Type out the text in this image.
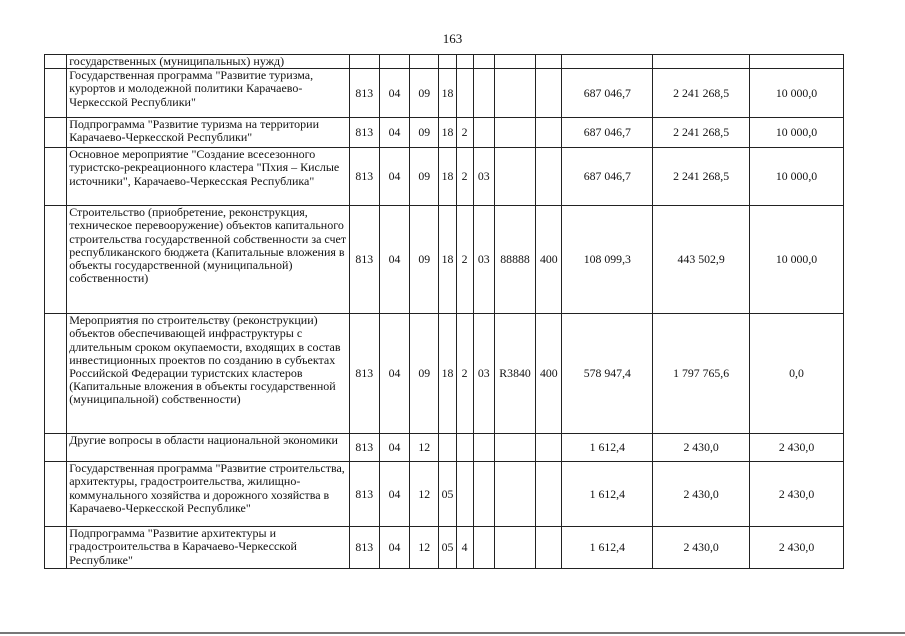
163
	государственных (муниципальных) нужд)											
	Государственная программа "Развитие туризма, курортов и молодежной политики Карачаево-Черкесской Республики"	813	04	09	18					687 046,7	2 241 268,5	10 000,0
	Подпрограмма "Развитие туризма на территории Карачаево-Черкесской Республики"	813	04	09	18	2				687 046,7	2 241 268,5	10 000,0
	Основное мероприятие "Создание всесезонного туристско-рекреационного кластера "Пхия – Кислые источники", Карачаево-Черкесская Республика"	813	04	09	18	2	03			687 046,7	2 241 268,5	10 000,0
	Строительство (приобретение, реконструкция, техническое перевооружение) объектов капитального строительства государственной собственности за счет республиканского бюджета (Капитальные вложения в объекты государственной (муниципальной) собственности)	813	04	09	18	2	03	88888	400	108 099,3	443 502,9	10 000,0
	Мероприятия по строительству (реконструкции) объектов обеспечивающей инфраструктуры с длительным сроком окупаемости, входящих в состав инвестиционных проектов по созданию в субъектах Российской Федерации туристских кластеров (Капитальные вложения в объекты государственной (муниципальной) собственности)	813	04	09	18	2	03	R3840	400	578 947,4	1 797 765,6	0,0
	Другие вопросы в области национальной экономики	813	04	12						1 612,4	2 430,0	2 430,0
	Государственная программа "Развитие строительства, архитектуры, градостроительства, жилищно-коммунального хозяйства и дорожного хозяйства в Карачаево-Черкесской Республике"	813	04	12	05					1 612,4	2 430,0	2 430,0
	Подпрограмма "Развитие архитектуры и градостроительства в Карачаево-Черкесской Республике"	813	04	12	05	4				1 612,4	2 430,0	2 430,0
